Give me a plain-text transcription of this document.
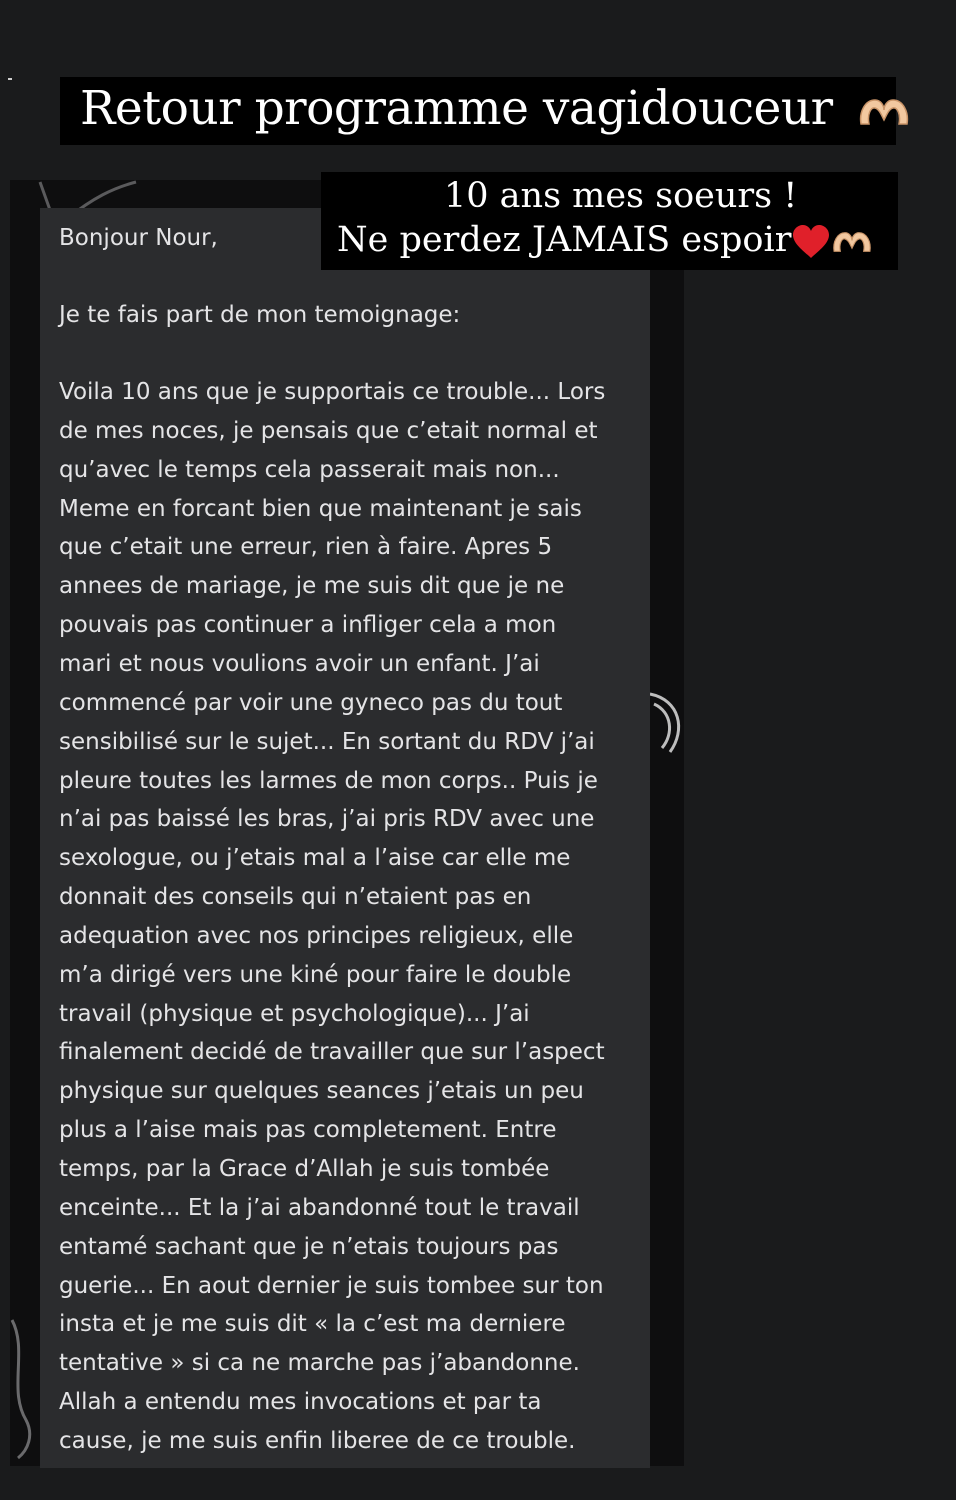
Bonjour Nour,

Je te fais part de mon temoignage:

Voila 10 ans que je supportais ce trouble... Lors

de mes noces, je pensais que c’etait normal et

qu’avec le temps cela passerait mais non...

Meme en forcant bien que maintenant je sais

que c’etait une erreur, rien à faire. Apres 5

annees de mariage, je me suis dit que je ne

pouvais pas continuer a infliger cela a mon

mari et nous voulions avoir un enfant. J’ai

commencé par voir une gyneco pas du tout

sensibilisé sur le sujet... En sortant du RDV j’ai

pleure toutes les larmes de mon corps.. Puis je

n’ai pas baissé les bras, j’ai pris RDV avec une

sexologue, ou j’etais mal a l’aise car elle me

donnait des conseils qui n’etaient pas en

adequation avec nos principes religieux, elle

m’a dirigé vers une kiné pour faire le double

travail (physique et psychologique)... J’ai

finalement decidé de travailler que sur l’aspect

physique sur quelques seances j’etais un peu

plus a l’aise mais pas completement. Entre

temps, par la Grace d’Allah je suis tombée

enceinte... Et la j’ai abandonné tout le travail

entamé sachant que je n’etais toujours pas

guerie... En aout dernier je suis tombee sur ton

insta et je me suis dit « la c’est ma derniere

tentative » si ca ne marche pas j’abandonne.

Allah a entendu mes invocations et par ta

cause, je me suis enfin liberee de ce trouble.

Retour programme vagidouceur
10 ans mes soeurs !
Ne perdez JAMAIS espoir
